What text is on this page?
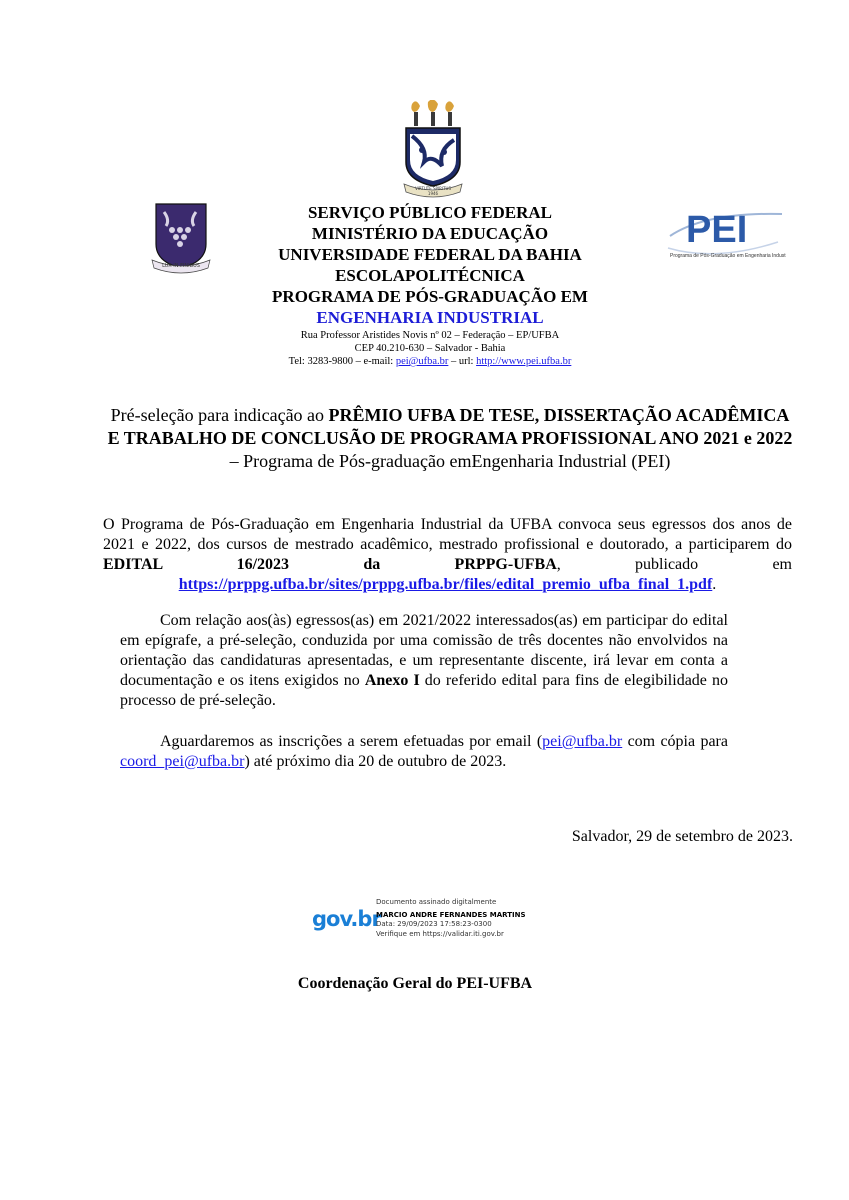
VIRTUTE SPIRITUS
1946
LUX IN FINIBUS
PEI
Programa de Pós-Graduação em Engenharia Indust
SERVIÇO PÚBLICO FEDERAL
MINISTÉRIO DA EDUCAÇÃO
UNIVERSIDADE FEDERAL DA BAHIA
ESCOLAPOLITÉCNICA
PROGRAMA DE PÓS-GRADUAÇÃO EM
ENGENHARIA INDUSTRIAL
Rua Professor Aristides Novis nº 02 – Federação – EP/UFBA
CEP 40.210-630 – Salvador - Bahia
Tel: 3283-9800 – e-mail: pei@ufba.br – url: http://www.pei.ufba.br
Pré-seleção para indicação ao PRÊMIO UFBA DE TESE, DISSERTAÇÃO ACADÊMICA E TRABALHO DE CONCLUSÃO DE PROGRAMA PROFISSIONAL ANO 2021 e 2022 – Programa de Pós-graduação emEngenharia Industrial (PEI)
O Programa de Pós-Graduação em Engenharia Industrial da UFBA convoca seus egressos dos anos de 2021 e 2022, dos cursos de mestrado acadêmico, mestrado profissional e doutorado, a participarem do EDITAL 16/2023 da PRPPG-UFBA, publicado em https://prppg.ufba.br/sites/prppg.ufba.br/files/edital_premio_ufba_final_1.pdf.
Com relação aos(às) egressos(as) em 2021/2022 interessados(as) em participar do edital em epígrafe, a pré-seleção, conduzida por uma comissão de três docentes não envolvidos na orientação das candidaturas apresentadas, e um representante discente, irá levar em conta a documentação e os itens exigidos no Anexo I do referido edital para fins de elegibilidade no processo de pré-seleção.
Aguardaremos as inscrições a serem efetuadas por email (pei@ufba.br com cópia para coord_pei@ufba.br) até próximo dia 20 de outubro de 2023.
Salvador, 29 de setembro de 2023.
gov.br
Documento assinado digitalmente
MARCIO ANDRE FERNANDES MARTINS
Data: 29/09/2023 17:58:23-0300
Verifique em https://validar.iti.gov.br
Coordenação Geral do PEI-UFBA
